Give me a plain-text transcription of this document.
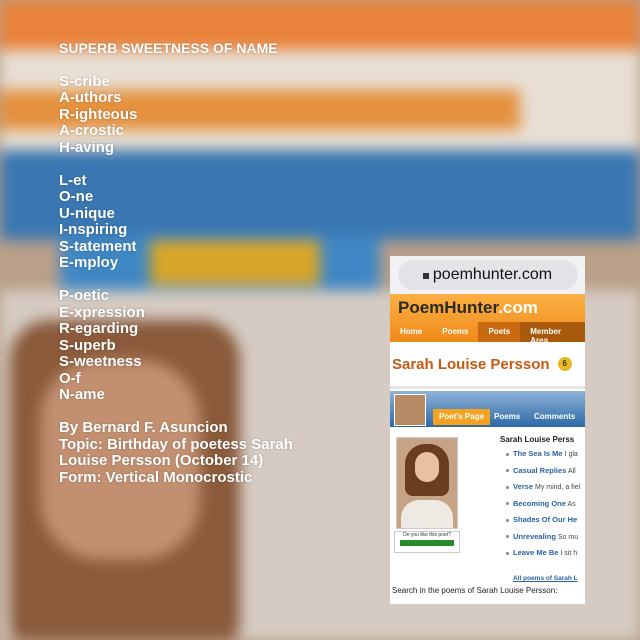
SUPERB SWEETNESS OF NAME
S-cribe
A-uthors
R-ighteous
A-crostic
H-aving
L-et
O-ne
U-nique
I-nspiring
S-tatement
E-mploy
P-oetic
E-xpression
R-egarding
S-uperb
S-weetness
O-f
N-ame
By Bernard F. Asuncion
Topic: Birthday of poetess Sarah
Louise Persson (October 14)
Form: Vertical Monocrostic
poemhunter.com
PoemHunter.com
Home	Poems	Poets	Member Area
Sarah Louise Persson	6
Poet's Page	Poems	Comments
Do you like this poet?
Sarah Louise Perss
The Sea Is Me I gla
Casual Replies All
Verse My mind, a fiel
Becoming One As
Shades Of Our He
Unrevealing So mu
Leave Me Be I sit h
All poems of Sarah L
Search in the poems of Sarah Louise Persson:
